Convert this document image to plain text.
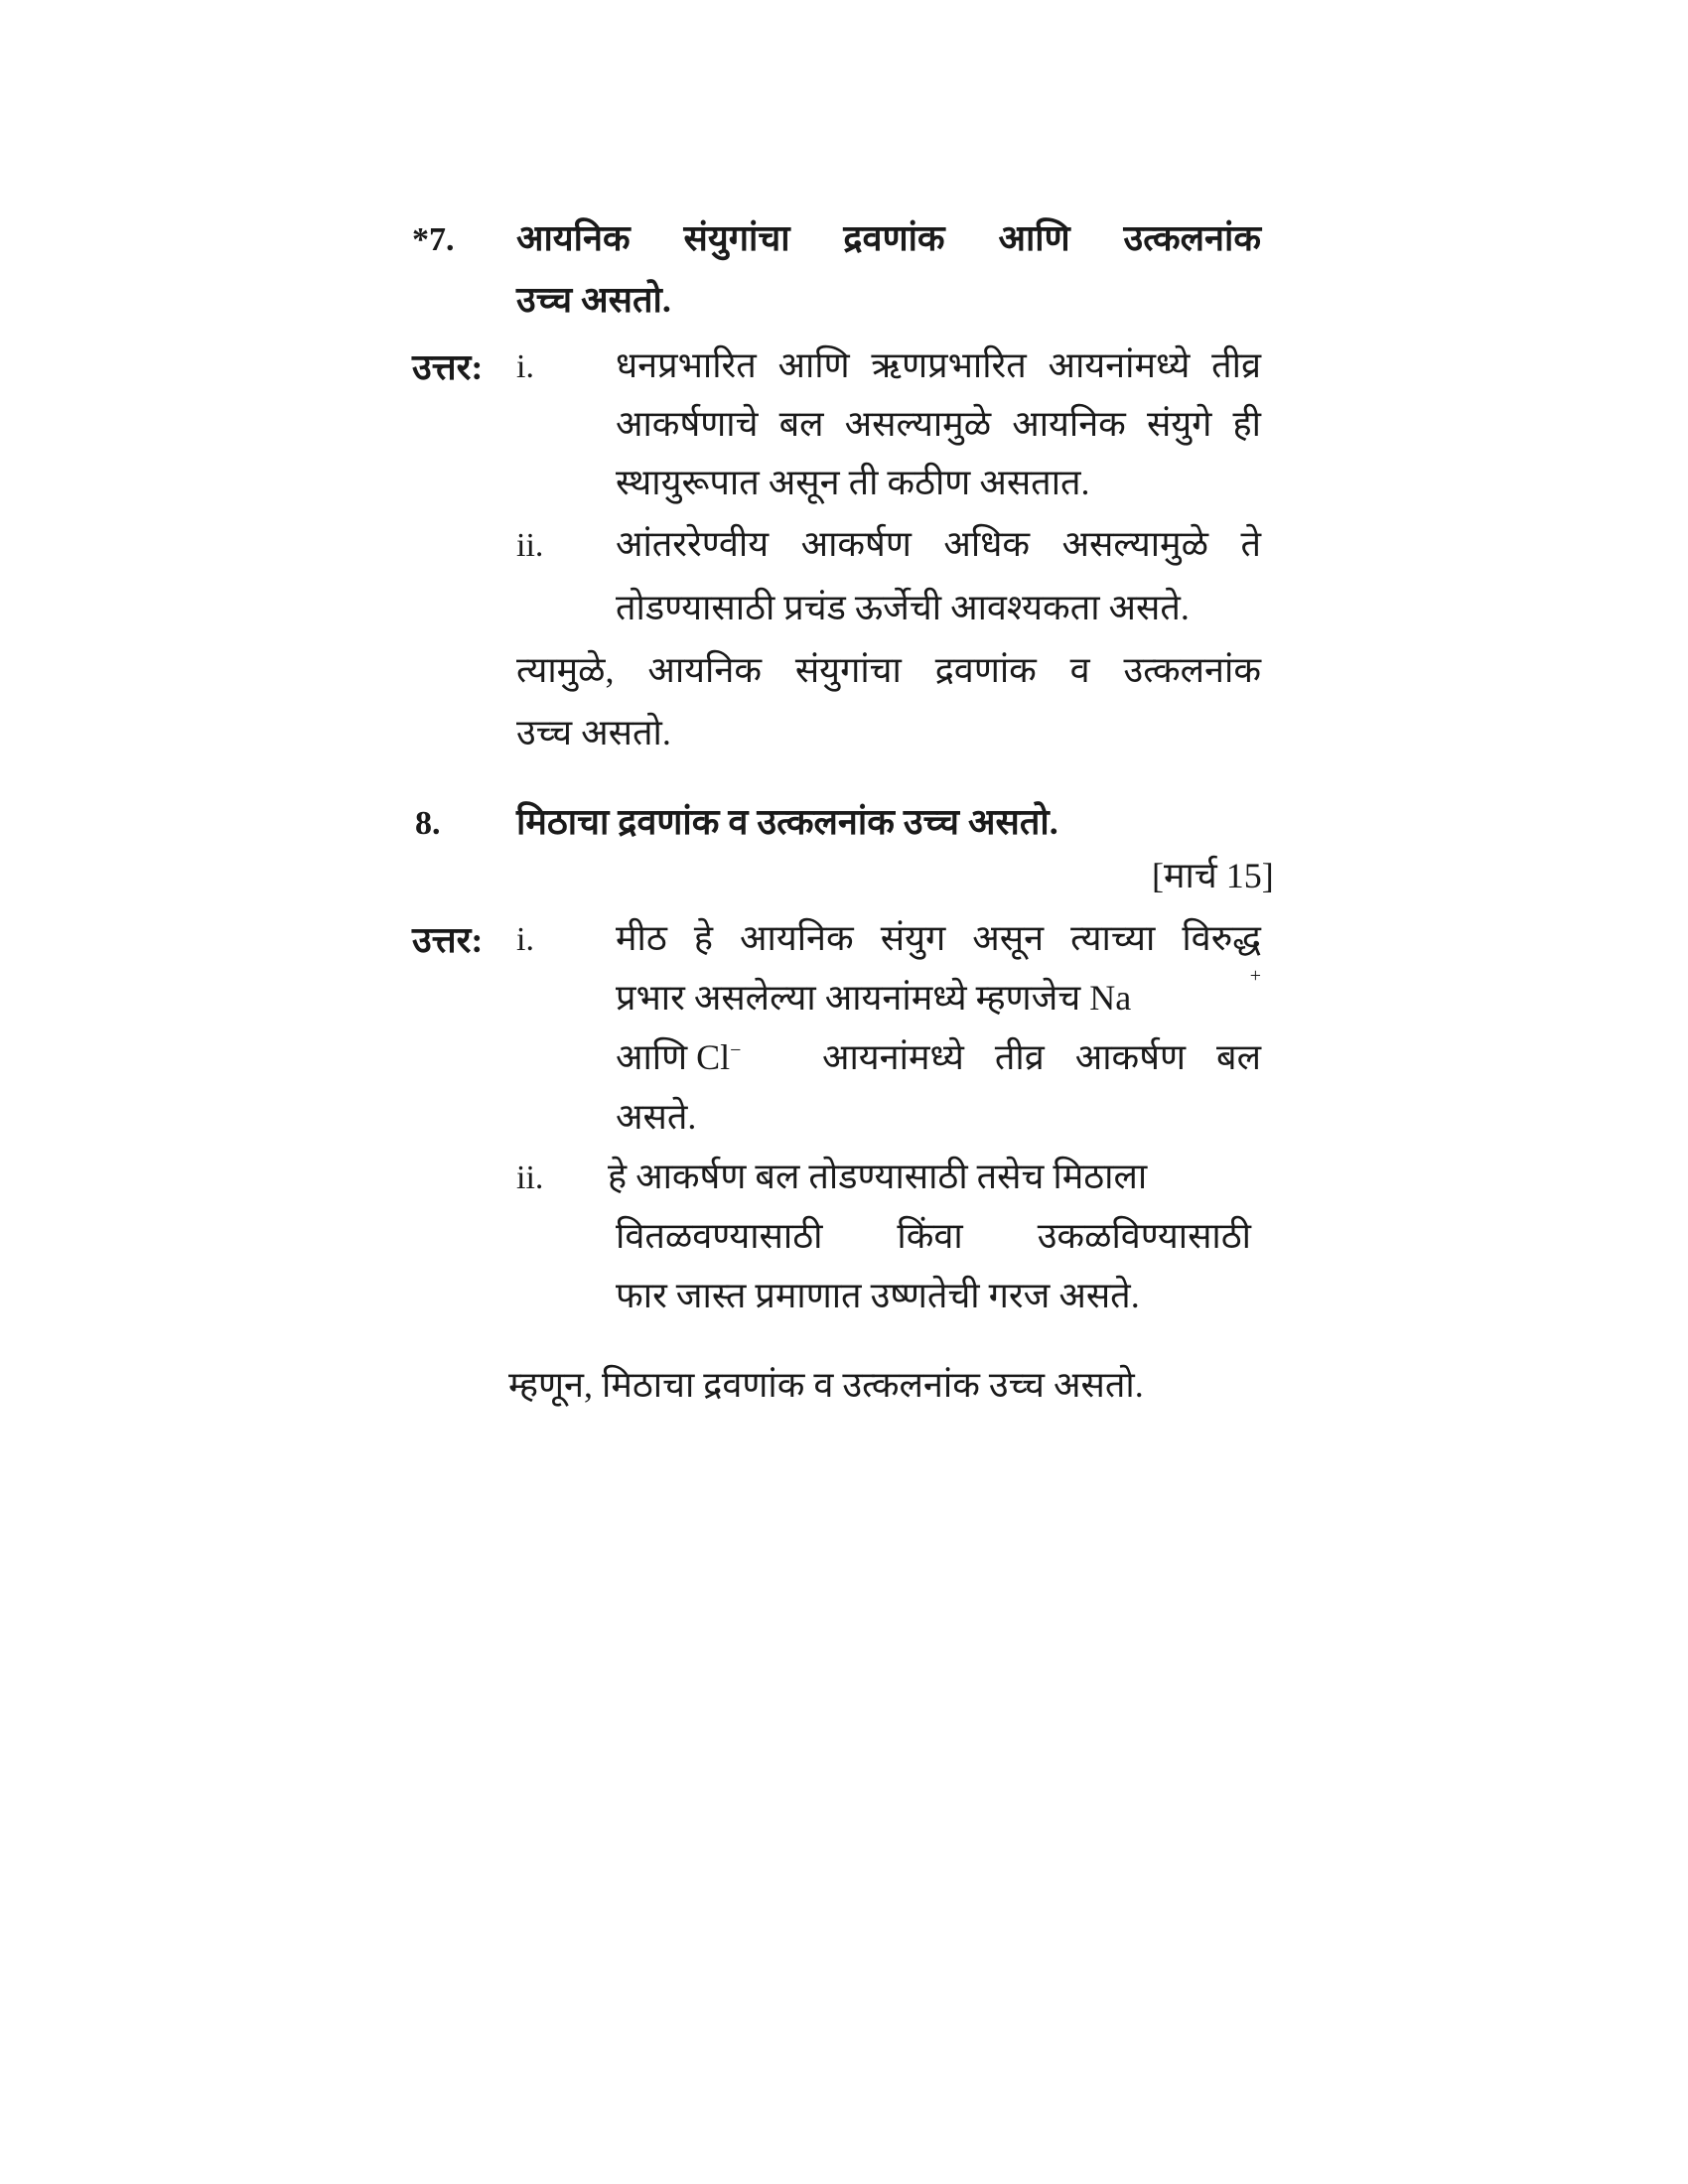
*7. आयनिक संयुगांचा द्रवणांक आणि उत्कलनांक
उच्च असतो.
उत्तर: i. धनप्रभारित आणि ऋणप्रभारित आयनांमध्ये तीव्र
आकर्षणाचे बल असल्यामुळे आयनिक संयुगे ही
स्थायुरूपात असून ती कठीण असतात.
ii. आंतररेण्वीय आकर्षण अधिक असल्यामुळे ते
तोडण्यासाठी प्रचंड ऊर्जेची आवश्यकता असते.
त्यामुळे, आयनिक संयुगांचा द्रवणांक व उत्कलनांक
उच्च असतो.
8. मिठाचा द्रवणांक व उत्कलनांक उच्च असतो.
[मार्च 15]
उत्तर: i. मीठ हे आयनिक संयुग असून त्याच्या विरुद्ध
प्रभार असलेल्या आयनांमध्ये म्हणजेच Na
+
आणि Cl− आयनांमध्ये तीव्र आकर्षण बल
असते.
ii. हे आकर्षण बल तोडण्यासाठी तसेच मिठाला
वितळवण्यासाठी किंवा उकळविण्यासाठी
फार जास्त प्रमाणात उष्णतेची गरज असते.
म्हणून, मिठाचा द्रवणांक व उत्कलनांक उच्च असतो.
